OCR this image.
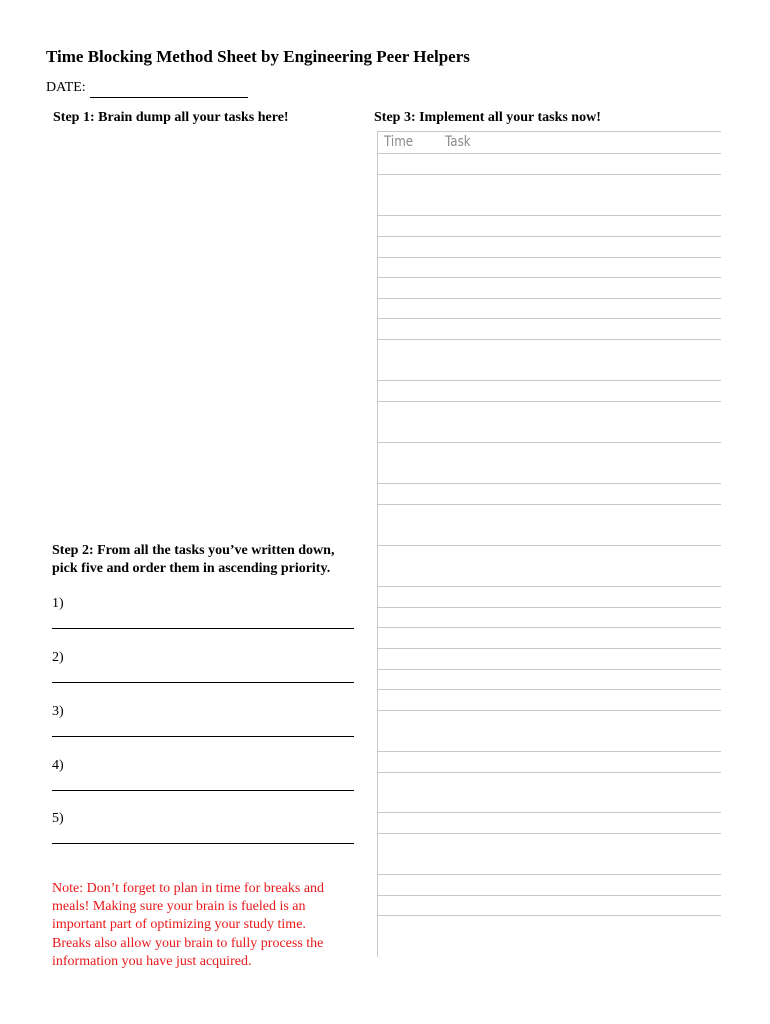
Time Blocking Method Sheet by Engineering Peer Helpers
DATE:
Step 1: Brain dump all your tasks here!	Step 3: Implement all your tasks now!
Step 2: From all the tasks you’ve written down,
pick five and order them in ascending priority.
1)
2)
3)
4)
5)
Note: Don’t forget to plan in time for breaks and
meals! Making sure your brain is fueled is an
important part of optimizing your study time.
Breaks also allow your brain to fully process the
information you have just acquired.
Time Task
